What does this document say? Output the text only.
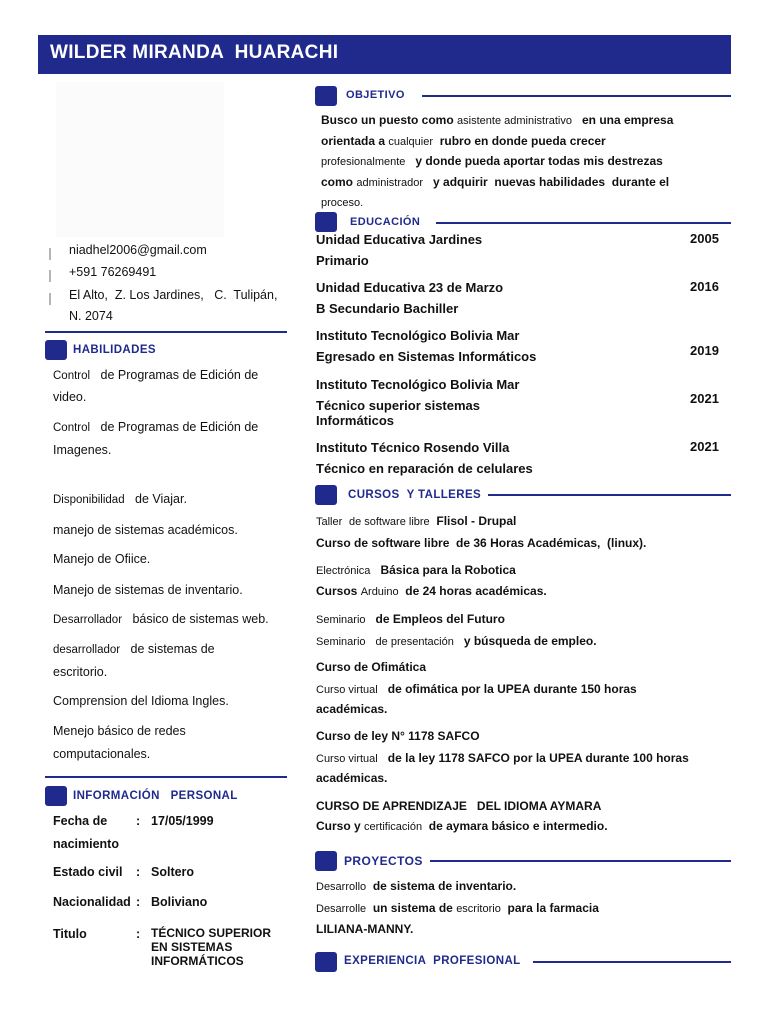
WILDER MIRANDA  HUARACHI
niadhel2006@gmail.com
+591 76269491
El Alto,  Z. Los Jardines,   C.  Tulipán,
N. 2074
HABILIDADES
Control de Programas de Edición de
video.
Control de Programas de Edición de
Imagenes.
Disponibilidad de Viajar.
manejo de sistemas académicos.
Manejo de Ofiice.
Manejo de sistemas de inventario.
Desarrollador básico de sistemas web.
desarrollador de sistemas de
escritorio.
Comprension del Idioma Ingles.
Menejo básico de redes
computacionales.
INFORMACIÓN   PERSONAL
Fecha de
nacimiento
: 17/05/1999
Estado civil : Soltero
Nacionalidad : Boliviano
Titulo	: TÉCNICO SUPERIOR
EN SISTEMAS
INFORMÁTICOS
OBJETIVO
Busco un puesto como asistente administrativo en una empresa
orientada a cualquier rubro en donde pueda crecer
profesionalmente y donde pueda aportar todas mis destrezas
como administrador y adquirir  nuevas habilidades  durante el
proceso.
EDUCACIÓN
Unidad Educativa Jardines
Primario
2005
Unidad Educativa 23 de Marzo
B Secundario Bachiller
2016
Instituto Tecnológico Bolivia Mar
Egresado en Sistemas Informáticos	2019
Instituto Tecnológico Bolivia Mar
Técnico superior sistemas
Informáticos
2021
Instituto Técnico Rosendo Villa
Técnico en reparación de celulares
2021
CURSOS  Y TALLERES
Taller de software libre Flisol - Drupal
Curso de software libre de 36 Horas Académicas, (linux).
Electrónica Básica para la Robotica
Cursos Arduino de 24 horas académicas.
Seminario de Empleos del Futuro
Seminario de presentación y búsqueda de empleo.
Curso de Ofimática
Curso virtual de ofimática por la UPEA durante 150 horas
académicas.
Curso de ley N° 1178 SAFCO
Curso virtual de la ley 1178 SAFCO por la UPEA durante 100 horas
académicas.
CURSO DE APRENDIZAJE   DEL IDIOMA AYMARA
Curso y certificación de aymara básico e intermedio.
PROYECTOS
Desarrollo de sistema de inventario.
Desarrolle un sistema de escritorio para la farmacia
LILIANA-MANNY.
EXPERIENCIA  PROFESIONAL
